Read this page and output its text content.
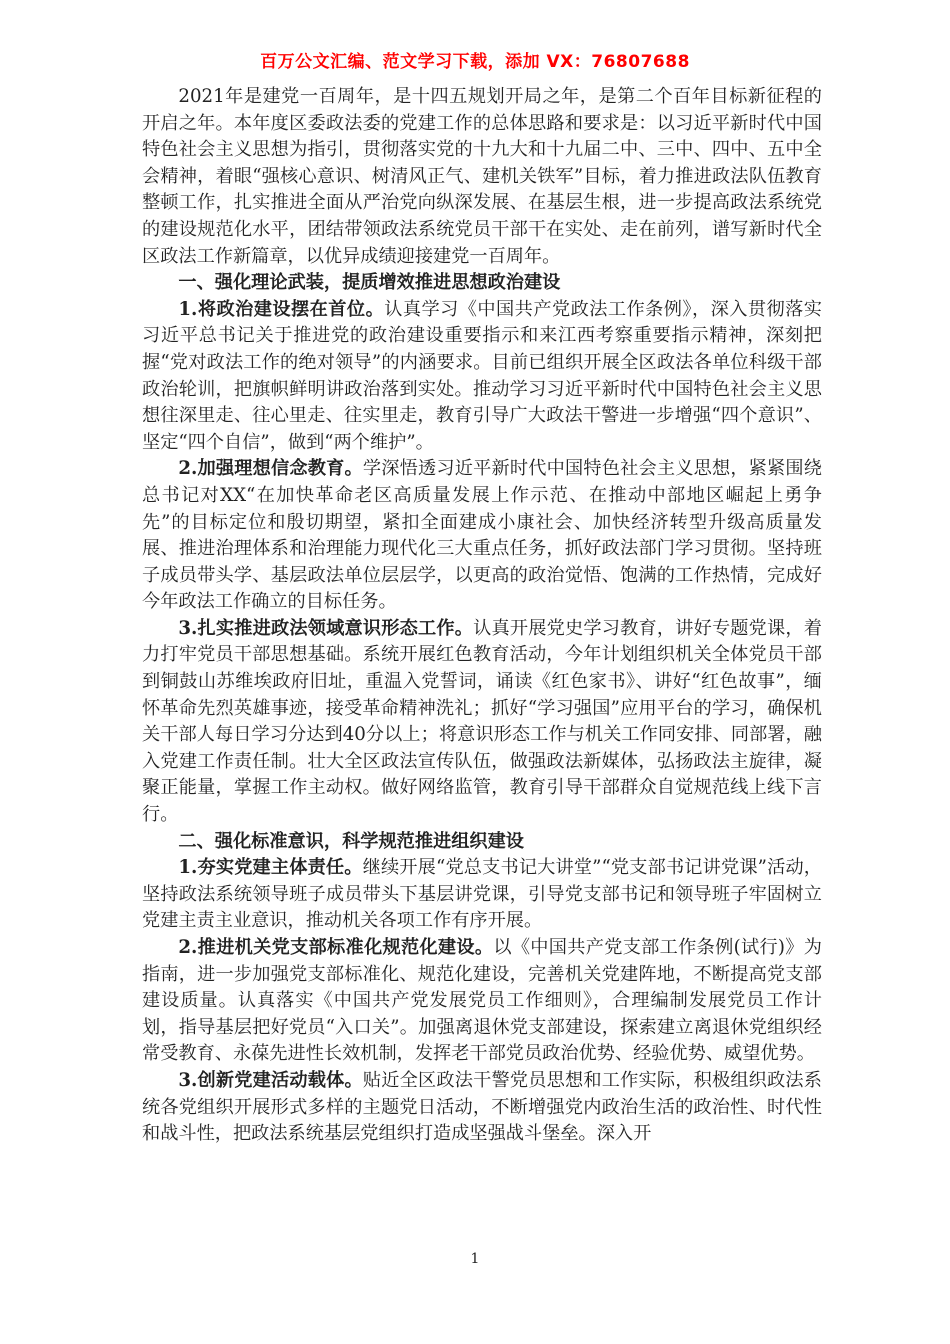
百万公文汇编、范文学习下载，添加 VX：76807688

2021年是建党一百周年，是十四五规划开局之年，是第二个百年目标新征程的开启之年。本年度区委政法委的党建工作的总体思路和要求是：以习近平新时代中国特色社会主义思想为指引，贯彻落实党的十九大和十九届二中、三中、四中、五中全会精神，着眼“强核心意识、树清风正气、建机关铁军”目标，着力推进政法队伍教育整顿工作，扎实推进全面从严治党向纵深发展、在基层生根，进一步提高政法系统党的建设规范化水平，团结带领政法系统党员干部干在实处、走在前列，谱写新时代全区政法工作新篇章，以优异成绩迎接建党一百周年。

一、强化理论武装，提质增效推进思想政治建设

1.将政治建设摆在首位。认真学习《中国共产党政法工作条例》，深入贯彻落实习近平总书记关于推进党的政治建设重要指示和来江西考察重要指示精神，深刻把握“党对政法工作的绝对领导”的内涵要求。目前已组织开展全区政法各单位科级干部政治轮训，把旗帜鲜明讲政治落到实处。推动学习习近平新时代中国特色社会主义思想往深里走、往心里走、往实里走，教育引导广大政法干警进一步增强“四个意识”、坚定“四个自信”，做到“两个维护”。

2.加强理想信念教育。学深悟透习近平新时代中国特色社会主义思想，紧紧围绕总书记对XX“在加快革命老区高质量发展上作示范、在推动中部地区崛起上勇争先”的目标定位和殷切期望，紧扣全面建成小康社会、加快经济转型升级高质量发展、推进治理体系和治理能力现代化三大重点任务，抓好政法部门学习贯彻。坚持班子成员带头学、基层政法单位层层学，以更高的政治觉悟、饱满的工作热情，完成好今年政法工作确立的目标任务。

3.扎实推进政法领域意识形态工作。认真开展党史学习教育，讲好专题党课，着力打牢党员干部思想基础。系统开展红色教育活动，今年计划组织机关全体党员干部到铜鼓山苏维埃政府旧址，重温入党誓词，诵读《红色家书》、讲好“红色故事”，缅怀革命先烈英雄事迹，接受革命精神洗礼；抓好“学习强国”应用平台的学习，确保机关干部人每日学习分达到40分以上；将意识形态工作与机关工作同安排、同部署，融入党建工作责任制。壮大全区政法宣传队伍，做强政法新媒体，弘扬政法主旋律，凝聚正能量，掌握工作主动权。做好网络监管，教育引导干部群众自觉规范线上线下言行。

二、强化标准意识，科学规范推进组织建设

1.夯实党建主体责任。继续开展“党总支书记大讲堂”“党支部书记讲党课”活动，坚持政法系统领导班子成员带头下基层讲党课，引导党支部书记和领导班子牢固树立党建主责主业意识，推动机关各项工作有序开展。

2.推进机关党支部标准化规范化建设。以《中国共产党支部工作条例(试行)》为指南，进一步加强党支部标准化、规范化建设，完善机关党建阵地，不断提高党支部建设质量。认真落实《中国共产党发展党员工作细则》，合理编制发展党员工作计划，指导基层把好党员“入口关”。加强离退休党支部建设，探索建立离退休党组织经常受教育、永葆先进性长效机制，发挥老干部党员政治优势、经验优势、威望优势。

3.创新党建活动载体。贴近全区政法干警党员思想和工作实际，积极组织政法系统各党组织开展形式多样的主题党日活动，不断增强党内政治生活的政治性、时代性和战斗性，把政法系统基层党组织打造成坚强战斗堡垒。深入开

1
